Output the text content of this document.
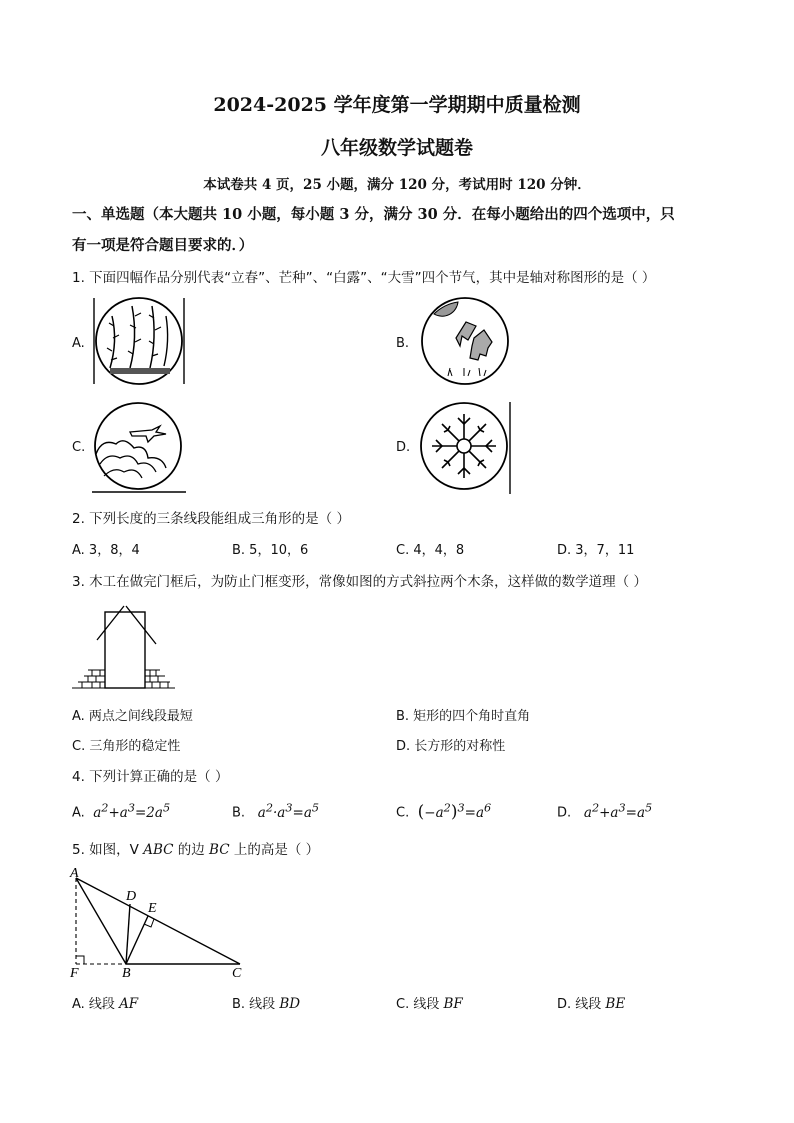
2024-2025 学年度第一学期期中质量检测
八年级数学试题卷
本试卷共 4 页，25 小题，满分 120 分，考试用时 120 分钟．
一、单选题（本大题共 10 小题，每小题 3 分，满分 30 分．在每小题给出的四个选项中，只
有一项是符合题目要求的．）
1. 下面四幅作品分别代表“立春”、芒种”、“白露”、“大雪”四个节气，其中是轴对称图形的是（ ）
A.	B.
C.	D.
2. 下列长度的三条线段能组成三角形的是（ ）
A. 3，8，4	B. 5，10，6	C. 4，4，8	D. 3，7，11
3. 木工在做完门框后，为防止门框变形，常像如图的方式斜拉两个木条，这样做的数学道理（ ）
A. 两点之间线段最短	B. 矩形的四个角时直角
C. 三角形的稳定性	D. 长方形的对称性
4. 下列计算正确的是（ ）
A.  $a^2+a^3=2a^5$	B.   $a^2\cdot a^3=a^5$	C. $(-a^2)^3=a^6$	D.   $a^2+a^3=a^5$
5. 如图，V ABC 的边 BC 上的高是（ ）
A
D
E
F	B	C
A. 线段 AF	B. 线段 BD	C. 线段 BF	D. 线段 BE
